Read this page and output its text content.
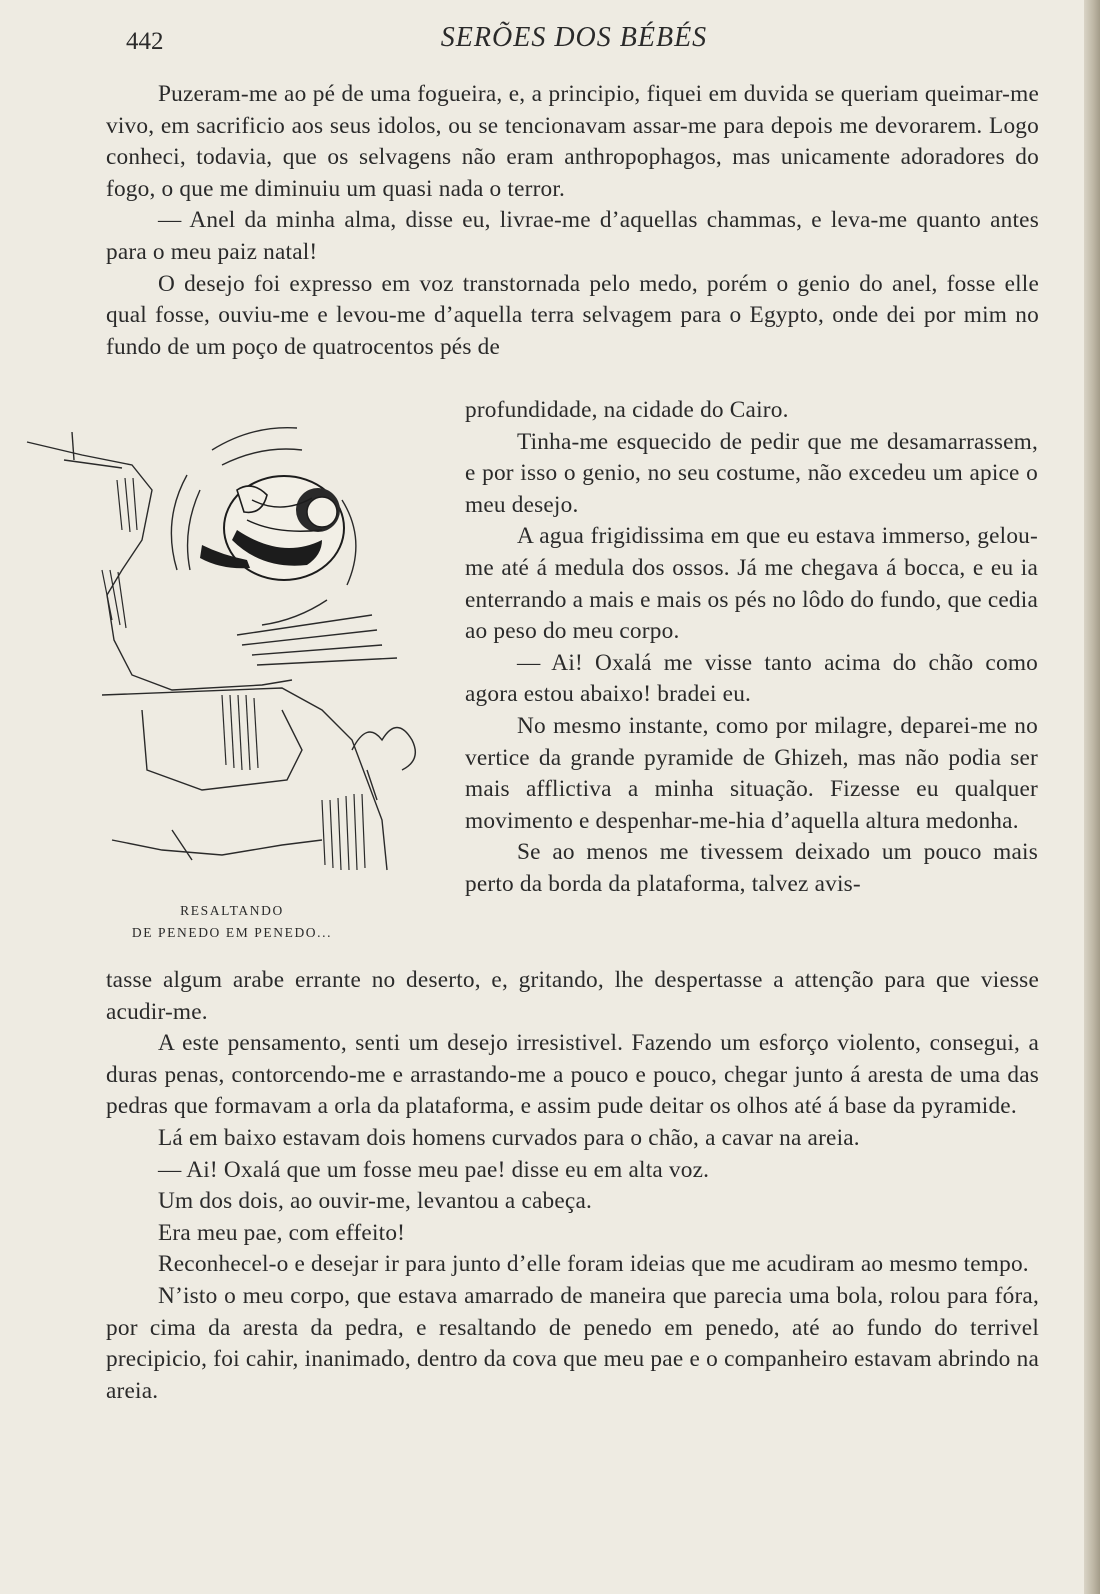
442	SERÕES DOS BÉBÉS

Puzeram-me ao pé de uma fogueira, e, a principio, fiquei em duvida se queriam queimar-me vivo, em sacrificio aos seus idolos, ou se tencionavam assar-me para depois me devorarem. Logo conheci, todavia, que os selvagens não eram anthropophagos, mas unicamente adoradores do fogo, o que me diminuiu um quasi nada o terror.

— Anel da minha alma, disse eu, livrae-me d’aquellas chammas, e leva-me quanto antes para o meu paiz natal!

O desejo foi expresso em voz transtornada pelo medo, porém o genio do anel, fosse elle qual fosse, ouviu-me e levou-me d’aquella terra selvagem para o Egypto, onde dei por mim no fundo de um poço de quatrocentos pés de

RESALTANDO
DE PENEDO EM PENEDO...

profundidade, na cidade do Cairo.

Tinha-me esquecido de pedir que me desamarrassem, e por isso o genio, no seu costume, não excedeu um apice o meu desejo.

A agua frigidissima em que eu estava immerso, gelou-me até á medula dos ossos. Já me chegava á bocca, e eu ia enterrando a mais e mais os pés no lôdo do fundo, que cedia ao peso do meu corpo.

— Ai! Oxalá me visse tanto acima do chão como agora estou abaixo! bradei eu.

No mesmo instante, como por milagre, deparei-me no vertice da grande pyramide de Ghizeh, mas não podia ser mais afflictiva a minha situação. Fizesse eu qualquer movimento e despenhar-me-hia d’aquella altura medonha.

Se ao menos me tivessem deixado um pouco mais perto da borda da plataforma, talvez avis-

tasse algum arabe errante no deserto, e, gritando, lhe despertasse a attenção para que viesse acudir-me.

A este pensamento, senti um desejo irresistivel. Fazendo um esforço violento, consegui, a duras penas, contorcendo-me e arrastando-me a pouco e pouco, chegar junto á aresta de uma das pedras que formavam a orla da plataforma, e assim pude deitar os olhos até á base da pyramide.

Lá em baixo estavam dois homens curvados para o chão, a cavar na areia.

— Ai! Oxalá que um fosse meu pae! disse eu em alta voz.

Um dos dois, ao ouvir-me, levantou a cabeça.

Era meu pae, com effeito!

Reconhecel-o e desejar ir para junto d’elle foram ideias que me acudiram ao mesmo tempo.

N’isto o meu corpo, que estava amarrado de maneira que parecia uma bola, rolou para fóra, por cima da aresta da pedra, e resaltando de penedo em penedo, até ao fundo do terrivel precipicio, foi cahir, inanimado, dentro da cova que meu pae e o companheiro estavam abrindo na areia.
